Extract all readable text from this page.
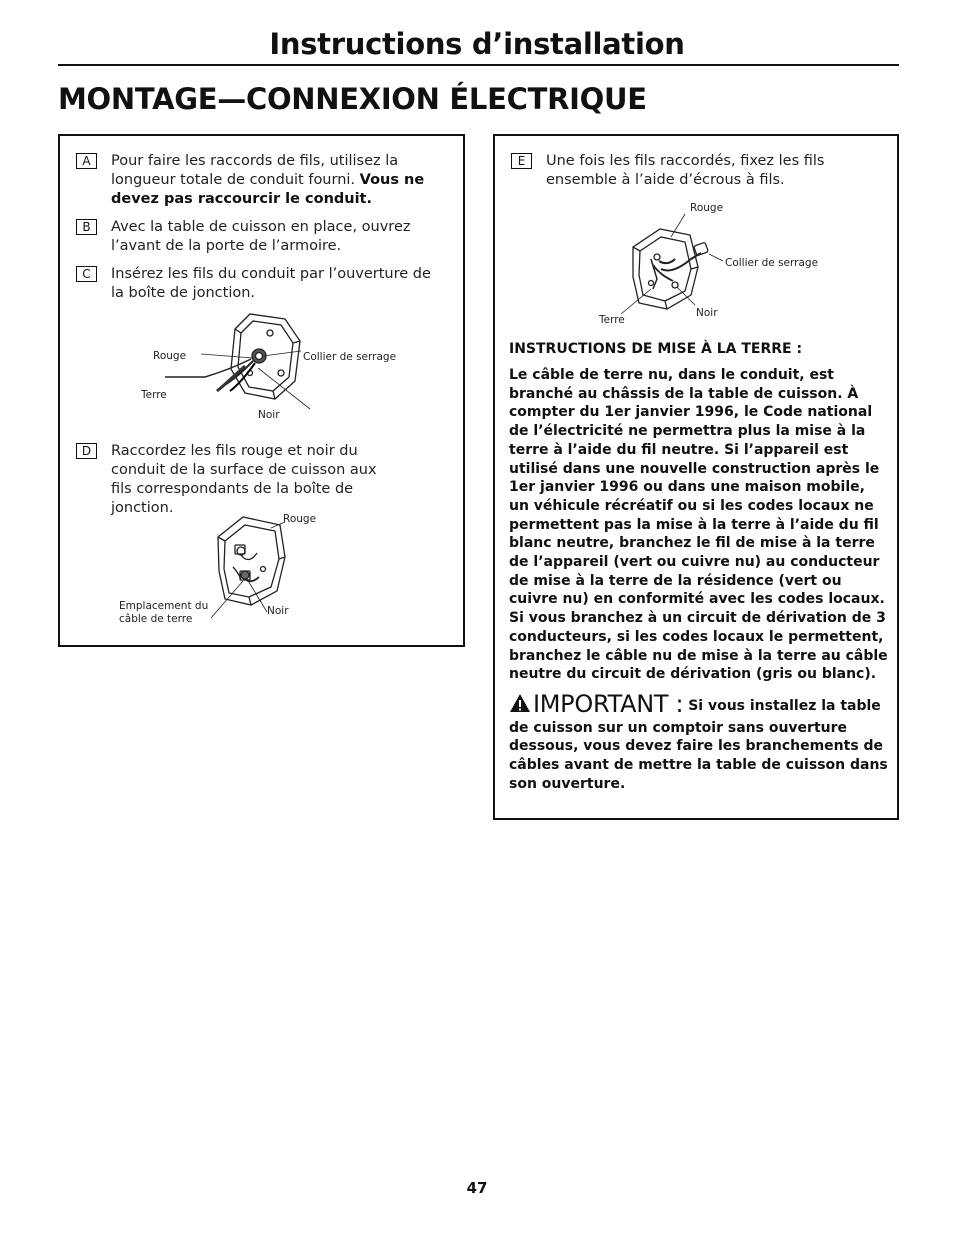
Instructions d’installation
MONTAGE—CONNEXION ÉLECTRIQUE
A	Pour faire les raccords de fils, utilisez la longueur totale de conduit fourni. Vous ne devez pas raccourcir le conduit.
B	Avec la table de cuisson en place, ouvrez l’avant de la porte de l’armoire.
C	Insérez les fils du conduit par l’ouverture de la boîte de jonction.
Rouge	Collier de serrage
Terre
Noir
D	Raccordez les fils rouge et noir du conduit de la surface de cuisson aux fils correspondants de la boîte de jonction.
Rouge
Emplacement du
câble de terre
Noir
E	Une fois les fils raccordés, fixez les fils ensemble à l’aide d’écrous à fils.
Rouge
Collier de serrage
Terre
Noir
INSTRUCTIONS DE MISE À LA TERRE :
Le câble de terre nu, dans le conduit, est branché au châssis de la table de cuisson. À compter du 1er janvier 1996, le Code national de l’électricité ne permettra plus la mise à la terre à l’aide du fil neutre. Si l’appareil est utilisé dans une nouvelle construction après le 1er janvier 1996 ou dans une maison mobile, un véhicule récréatif ou si les codes locaux ne permettent pas la mise à la terre à l’aide du fil blanc neutre, branchez le fil de mise à la terre de l’appareil (vert ou cuivre nu) au conducteur de mise à la terre de la résidence (vert ou cuivre nu) en conformité avec les codes locaux. Si vous branchez à un circuit de dérivation de 3 conducteurs, si les codes locaux le permettent, branchez le câble nu de mise à la terre au câble neutre du circuit de dérivation (gris ou blanc).
IMPORTANT : Si vous installez la table de cuisson sur un comptoir sans ouverture dessous, vous devez faire les branchements de câbles avant de mettre la table de cuisson dans son ouverture.
47
